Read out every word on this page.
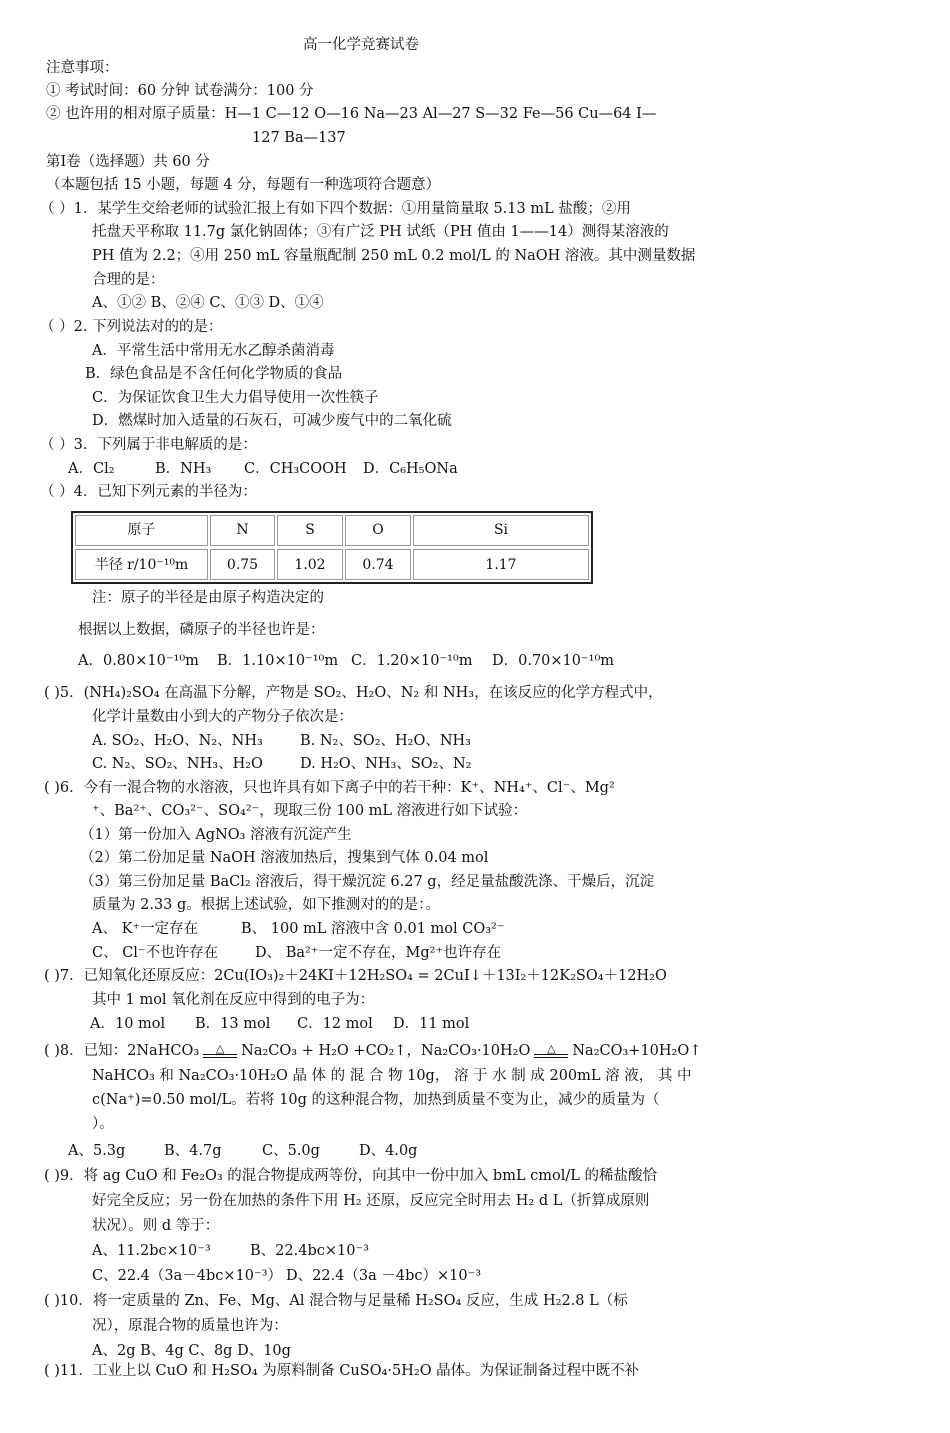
高一化学竞赛试卷
注意事项：
① 考试时间：60 分钟 试卷满分：100 分
② 也许用的相对原子质量：H—1 C—12 O—16 Na—23 Al—27 S—32 Fe—56 Cu—64 I—
127 Ba—137
第Ⅰ卷（选择题）共 60 分
（本题包括 15 小题，每题 4 分，每题有一种选项符合题意）
（ ）1．某学生交给老师的试验汇报上有如下四个数据：①用量筒量取 5.13 mL 盐酸；②用
托盘天平称取 11.7g 氯化钠固体；③有广泛 PH 试纸（PH 值由 1——14）测得某溶液的
PH 值为 2.2；④用 250 mL 容量瓶配制 250 mL 0.2 mol/L 的 NaOH 溶液。其中测量数据
合理的是：
A、①② B、②④ C、①③ D、①④
（ ）2. 下列说法对的的是：
A．平常生活中常用无水乙醇杀菌消毒
B．绿色食品是不含任何化学物质的食品
C．为保证饮食卫生大力倡导使用一次性筷子
D．燃煤时加入适量的石灰石，可减少废气中的二氧化硫
（ ）3．下列属于非电解质的是：
A．Cl₂	B．NH₃ C．CH₃COOH D．C₆H₅ONa
（ ）4．已知下列元素的半径为：
原子	N	S	O	Si
半径 r/10⁻¹⁰m	0.75	1.02	0.74	1.17
注：原子的半径是由原子构造决定的
根据以上数据，磷原子的半径也许是：
A．0.80×10⁻¹⁰m B．1.10×10⁻¹⁰m C．1.20×10⁻¹⁰m D．0.70×10⁻¹⁰m
( )5．(NH₄)₂SO₄ 在高温下分解，产物是 SO₂、H₂O、N₂ 和 NH₃，在该反应的化学方程式中，
化学计量数由小到大的产物分子依次是：
A. SO₂、H₂O、N₂、NH₃	B. N₂、SO₂、H₂O、NH₃
C. N₂、SO₂、NH₃、H₂O	D. H₂O、NH₃、SO₂、N₂
( )6．今有一混合物的水溶液，只也许具有如下离子中的若干种：K⁺、NH₄⁺、Cl⁻、Mg²
⁺、Ba²⁺、CO₃²⁻、SO₄²⁻，现取三份 100 mL 溶液进行如下试验：
（1）第一份加入 AgNO₃ 溶液有沉淀产生
（2）第二份加足量 NaOH 溶液加热后，搜集到气体 0.04 mol
（3）第三份加足量 BaCl₂ 溶液后，得干燥沉淀 6.27 g，经足量盐酸洗涤、干燥后，沉淀
质量为 2.33 g。根据上述试验，如下推测对的的是：。
A、 K⁺一定存在	B、 100 mL 溶液中含 0.01 mol CO₃²⁻
C、 Cl⁻不也许存在	D、 Ba²⁺一定不存在，Mg²⁺也许存在
( )7．已知氧化还原反应：2Cu(IO₃)₂＋24KI＋12H₂SO₄ = 2CuI↓＋13I₂＋12K₂SO₄＋12H₂O
其中 1 mol 氧化剂在反应中得到的电子为：
A．10 mol B．13 mol C．12 mol D．11 mol
( )8．已知：2NaHCO₃	△	Na₂CO₃ + H₂O +CO₂↑，Na₂CO₃·10H₂O	△	Na₂CO₃+10H₂O↑
NaHCO₃ 和 Na₂CO₃·10H₂O 晶 体 的 混 合 物 10g， 溶 于 水 制 成 200mL 溶 液， 其 中
c(Na⁺)=0.50 mol/L。若将 10g 的这种混合物，加热到质量不变为止，减少的质量为（
）。
A、5.3g	B、4.7g	C、5.0g	D、4.0g
( )9．将 ag CuO 和 Fe₂O₃ 的混合物提成两等份，向其中一份中加入 bmL cmol/L 的稀盐酸恰
好完全反应；另一份在加热的条件下用 H₂ 还原，反应完全时用去 H₂ d L（折算成原则
状况）。则 d 等于：
A、11.2bc×10⁻³	B、22.4bc×10⁻³
C、22.4（3a－4bc×10⁻³） D、22.4（3a －4bc）×10⁻³
( )10．将一定质量的 Zn、Fe、Mg、Al 混合物与足量稀 H₂SO₄ 反应，生成 H₂2.8 L（标
况），原混合物的质量也许为：
A、2g B、4g C、8g D、10g
( )11．工业上以 CuO 和 H₂SO₄ 为原料制备 CuSO₄·5H₂O 晶体。为保证制备过程中既不补
